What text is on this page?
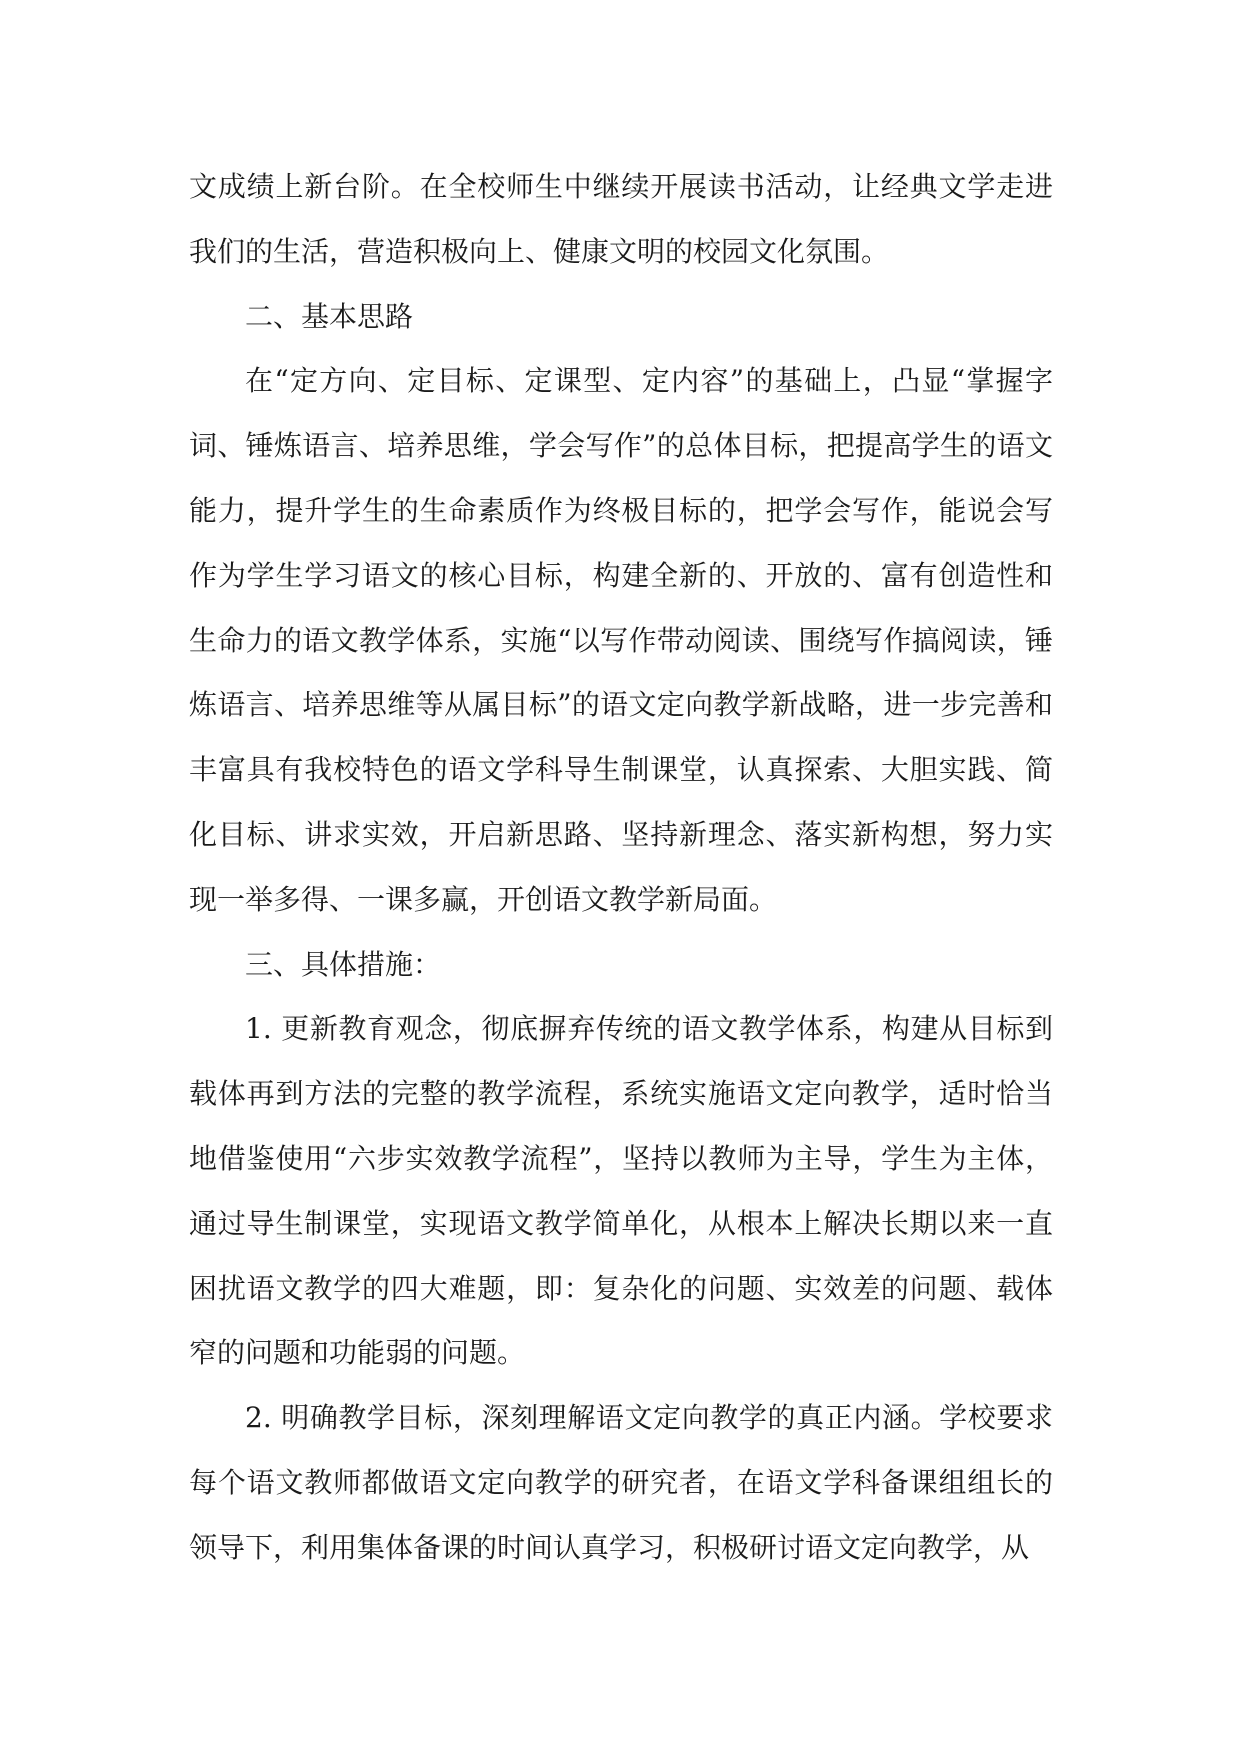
文成绩上新台阶。在全校师生中继续开展读书活动，让经典文学走进我们的生活，营造积极向上、健康文明的校园文化氛围。

二、基本思路

在“定方向、定目标、定课型、定内容”的基础上，凸显“掌握字词、锤炼语言、培养思维，学会写作”的总体目标，把提高学生的语文能力，提升学生的生命素质作为终极目标的，把学会写作，能说会写作为学生学习语文的核心目标，构建全新的、开放的、富有创造性和生命力的语文教学体系，实施“以写作带动阅读、围绕写作搞阅读，锤炼语言、培养思维等从属目标”的语文定向教学新战略，进一步完善和丰富具有我校特色的语文学科导生制课堂，认真探索、大胆实践、简化目标、讲求实效，开启新思路、坚持新理念、落实新构想，努力实现一举多得、一课多赢，开创语文教学新局面。

三、具体措施：

1. 更新教育观念，彻底摒弃传统的语文教学体系，构建从目标到载体再到方法的完整的教学流程，系统实施语文定向教学，适时恰当地借鉴使用“六步实效教学流程”，坚持以教师为主导，学生为主体，通过导生制课堂，实现语文教学简单化，从根本上解决长期以来一直困扰语文教学的四大难题，即：复杂化的问题、实效差的问题、载体窄的问题和功能弱的问题。

2. 明确教学目标，深刻理解语文定向教学的真正内涵。学校要求每个语文教师都做语文定向教学的研究者，在语文学科备课组组长的领导下，利用集体备课的时间认真学习，积极研讨语文定向教学，从
